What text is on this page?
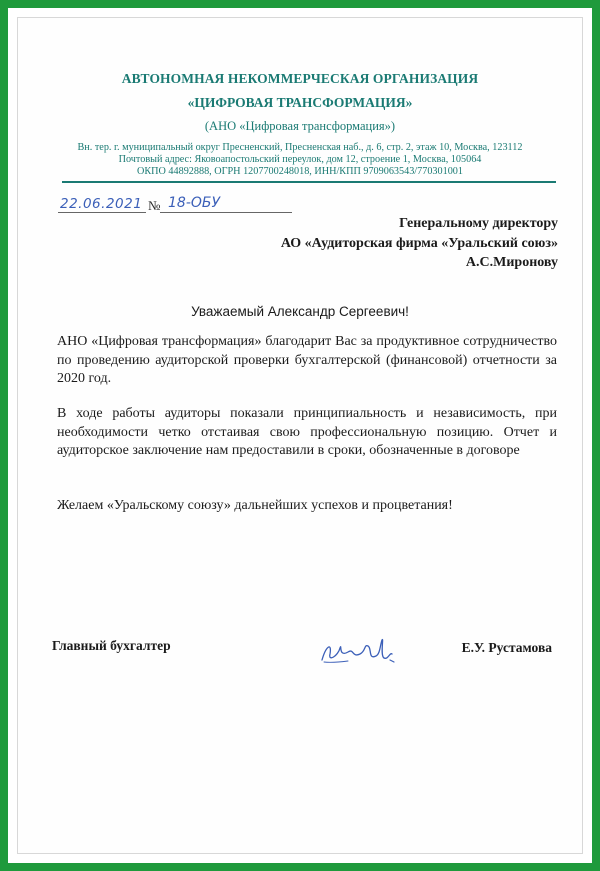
АВТОНОМНАЯ НЕКОММЕРЧЕСКАЯ ОРГАНИЗАЦИЯ
«ЦИФРОВАЯ ТРАНСФОРМАЦИЯ»
(АНО «Цифровая трансформация»)
Вн. тер. г. муниципальный округ Пресненский, Пресненская наб., д. 6, стр. 2, этаж 10, Москва, 123112
Почтовый адрес: Яковоапостольский переулок, дом 12, строение 1, Москва, 105064
ОКПО 44892888, ОГРН 1207700248018, ИНН/КПП 9709063543/770301001
22.06.2021 № 18-ОБУ
Генеральному директору
АО «Аудиторская фирма «Уральский союз»
А.С.Миронову
Уважаемый Александр Сергеевич!
АНО «Цифровая трансформация» благодарит Вас за продуктивное сотрудничество по проведению аудиторской проверки бухгалтерской (финансовой) отчетности за 2020 год.
В ходе работы аудиторы показали принципиальность и независимость, при необходимости четко отстаивая свою профессиональную позицию. Отчет и аудиторское заключение нам предоставили в сроки, обозначенные в договоре
Желаем «Уральскому союзу» дальнейших успехов и процветания!
Главный бухгалтер	Е.У. Рустамова
